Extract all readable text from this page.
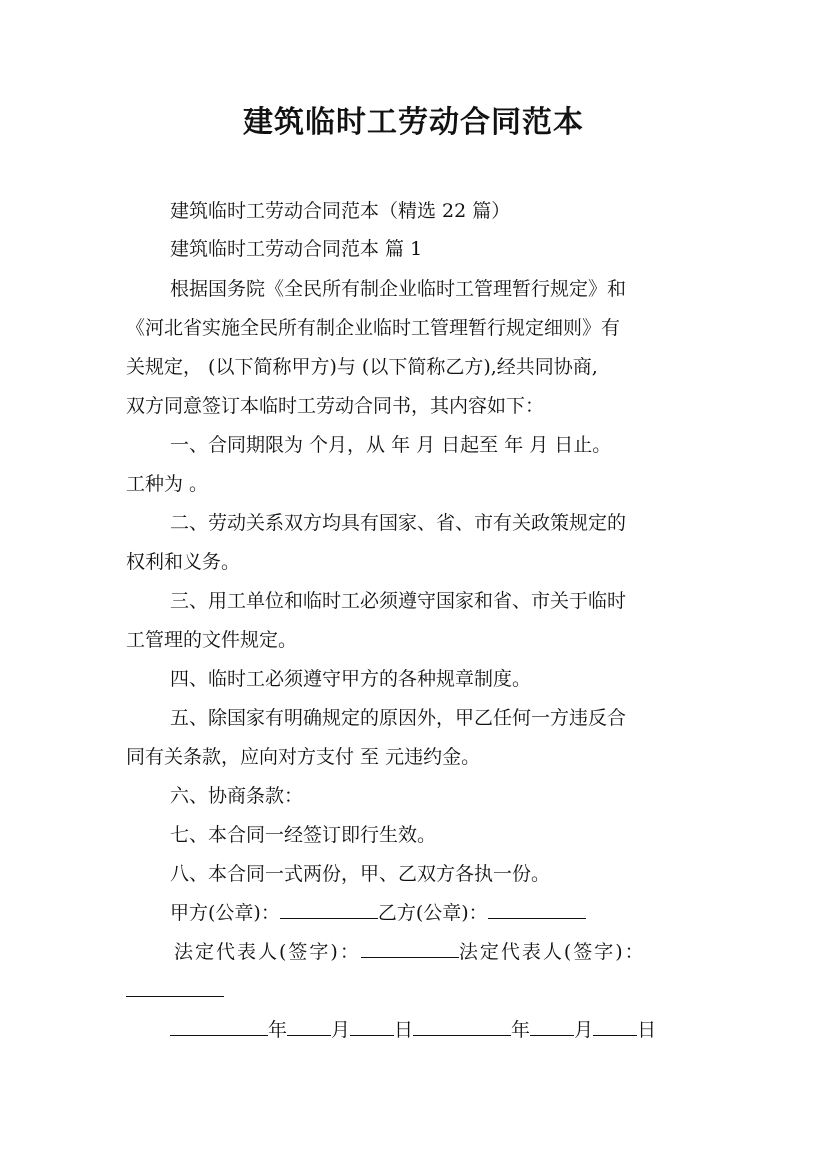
建筑临时工劳动合同范本
建筑临时工劳动合同范本（精选 22 篇）
建筑临时工劳动合同范本 篇 1
根据国务院《全民所有制企业临时工管理暂行规定》和
《河北省实施全民所有制企业临时工管理暂行规定细则》有
关规定， (以下简称甲方)与 (以下简称乙方),经共同协商,
双方同意签订本临时工劳动合同书，其内容如下：
一、合同期限为 个月，从 年 月 日起至 年 月 日止。
工种为 。
二、劳动关系双方均具有国家、省、市有关政策规定的
权利和义务。
三、用工单位和临时工必须遵守国家和省、市关于临时
工管理的文件规定。
四、临时工必须遵守甲方的各种规章制度。
五、除国家有明确规定的原因外，甲乙任何一方违反合
同有关条款，应向对方支付 至 元违约金。
六、协商条款：
七、本合同一经签订即行生效。
八、本合同一式两份，甲、乙双方各执一份。
甲方(公章)：	乙方(公章)：
法定代表人(签字)：	法定代表人(签字)：
年 月 日	年 月 日
